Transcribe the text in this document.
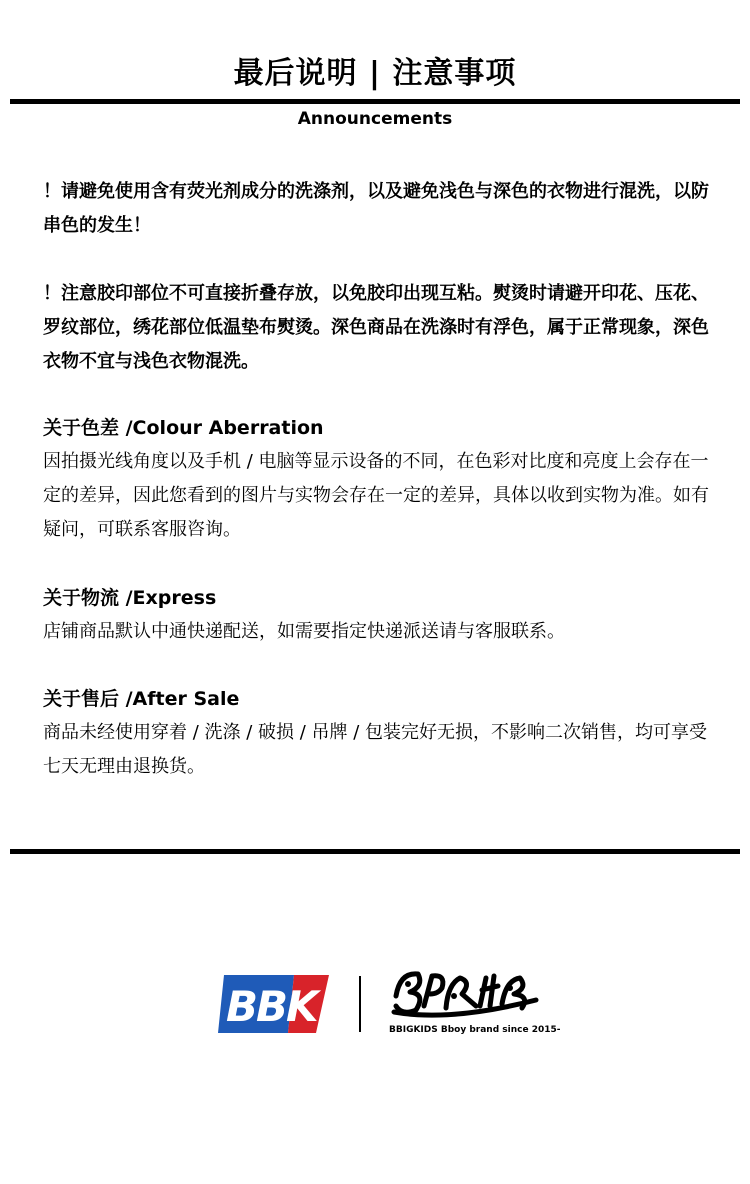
最后说明 | 注意事项
Announcements
！请避免使用含有荧光剂成分的洗涤剂，以及避免浅色与深色的衣物进行混洗，以防串色的发生！
！注意胶印部位不可直接折叠存放，以免胶印出现互粘。熨烫时请避开印花、压花、罗纹部位，绣花部位低温垫布熨烫。深色商品在洗涤时有浮色，属于正常现象，深色衣物不宜与浅色衣物混洗。
关于色差 /Colour Aberration

因拍摄光线角度以及手机 / 电脑等显示设备的不同，在色彩对比度和亮度上会存在一定的差异，因此您看到的图片与实物会存在一定的差异，具体以收到实物为准。如有疑问，可联系客服咨询。

关于物流 /Express

店铺商品默认中通快递配送，如需要指定快递派送请与客服联系。

关于售后 /After Sale

商品未经使用穿着 / 洗涤 / 破损 / 吊牌 / 包装完好无损，不影响二次销售，均可享受七天无理由退换货。

BBK	BBIGKIDS Bboy brand since 2015-
